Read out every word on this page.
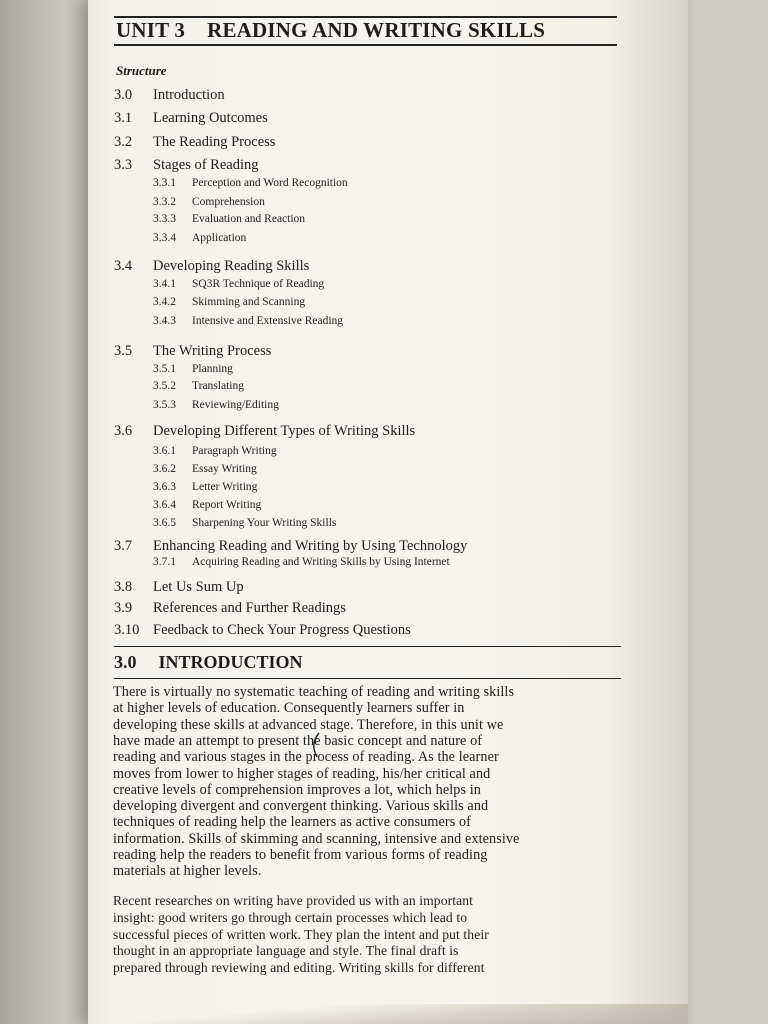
UNIT 3 READING AND WRITING SKILLS
Structure
3.0 Introduction
3.1 Learning Outcomes
3.2 The Reading Process
3.3 Stages of Reading
3.3.1 Perception and Word Recognition
3.3.2 Comprehension
3.3.3 Evaluation and Reaction
3.3.4 Application
3.4 Developing Reading Skills
3.4.1 SQ3R Technique of Reading
3.4.2 Skimming and Scanning
3.4.3 Intensive and Extensive Reading
3.5 The Writing Process
3.5.1 Planning
3.5.2 Translating
3.5.3 Reviewing/Editing
3.6 Developing Different Types of Writing Skills
3.6.1 Paragraph Writing
3.6.2 Essay Writing
3.6.3 Letter Writing
3.6.4 Report Writing
3.6.5 Sharpening Your Writing Skills
3.7 Enhancing Reading and Writing by Using Technology
3.7.1 Acquiring Reading and Writing Skills by Using Internet
3.8 Let Us Sum Up
3.9 References and Further Readings
3.10 Feedback to Check Your Progress Questions
3.0 INTRODUCTION
There is virtually no systematic teaching of reading and writing skills
at higher levels of education. Consequently learners suffer in
developing these skills at advanced stage. Therefore, in this unit we
have made an attempt to present the basic concept and nature of
reading and various stages in the process of reading. As the learner
moves from lower to higher stages of reading, his/her critical and
creative levels of comprehension improves a lot, which helps in
developing divergent and convergent thinking. Various skills and
techniques of reading help the learners as active consumers of
information. Skills of skimming and scanning, intensive and extensive
reading help the readers to benefit from various forms of reading
materials at higher levels.
Recent researches on writing have provided us with an important
insight: good writers go through certain processes which lead to
successful pieces of written work. They plan the intent and put their
thought in an appropriate language and style. The final draft is
prepared through reviewing and editing. Writing skills for different
